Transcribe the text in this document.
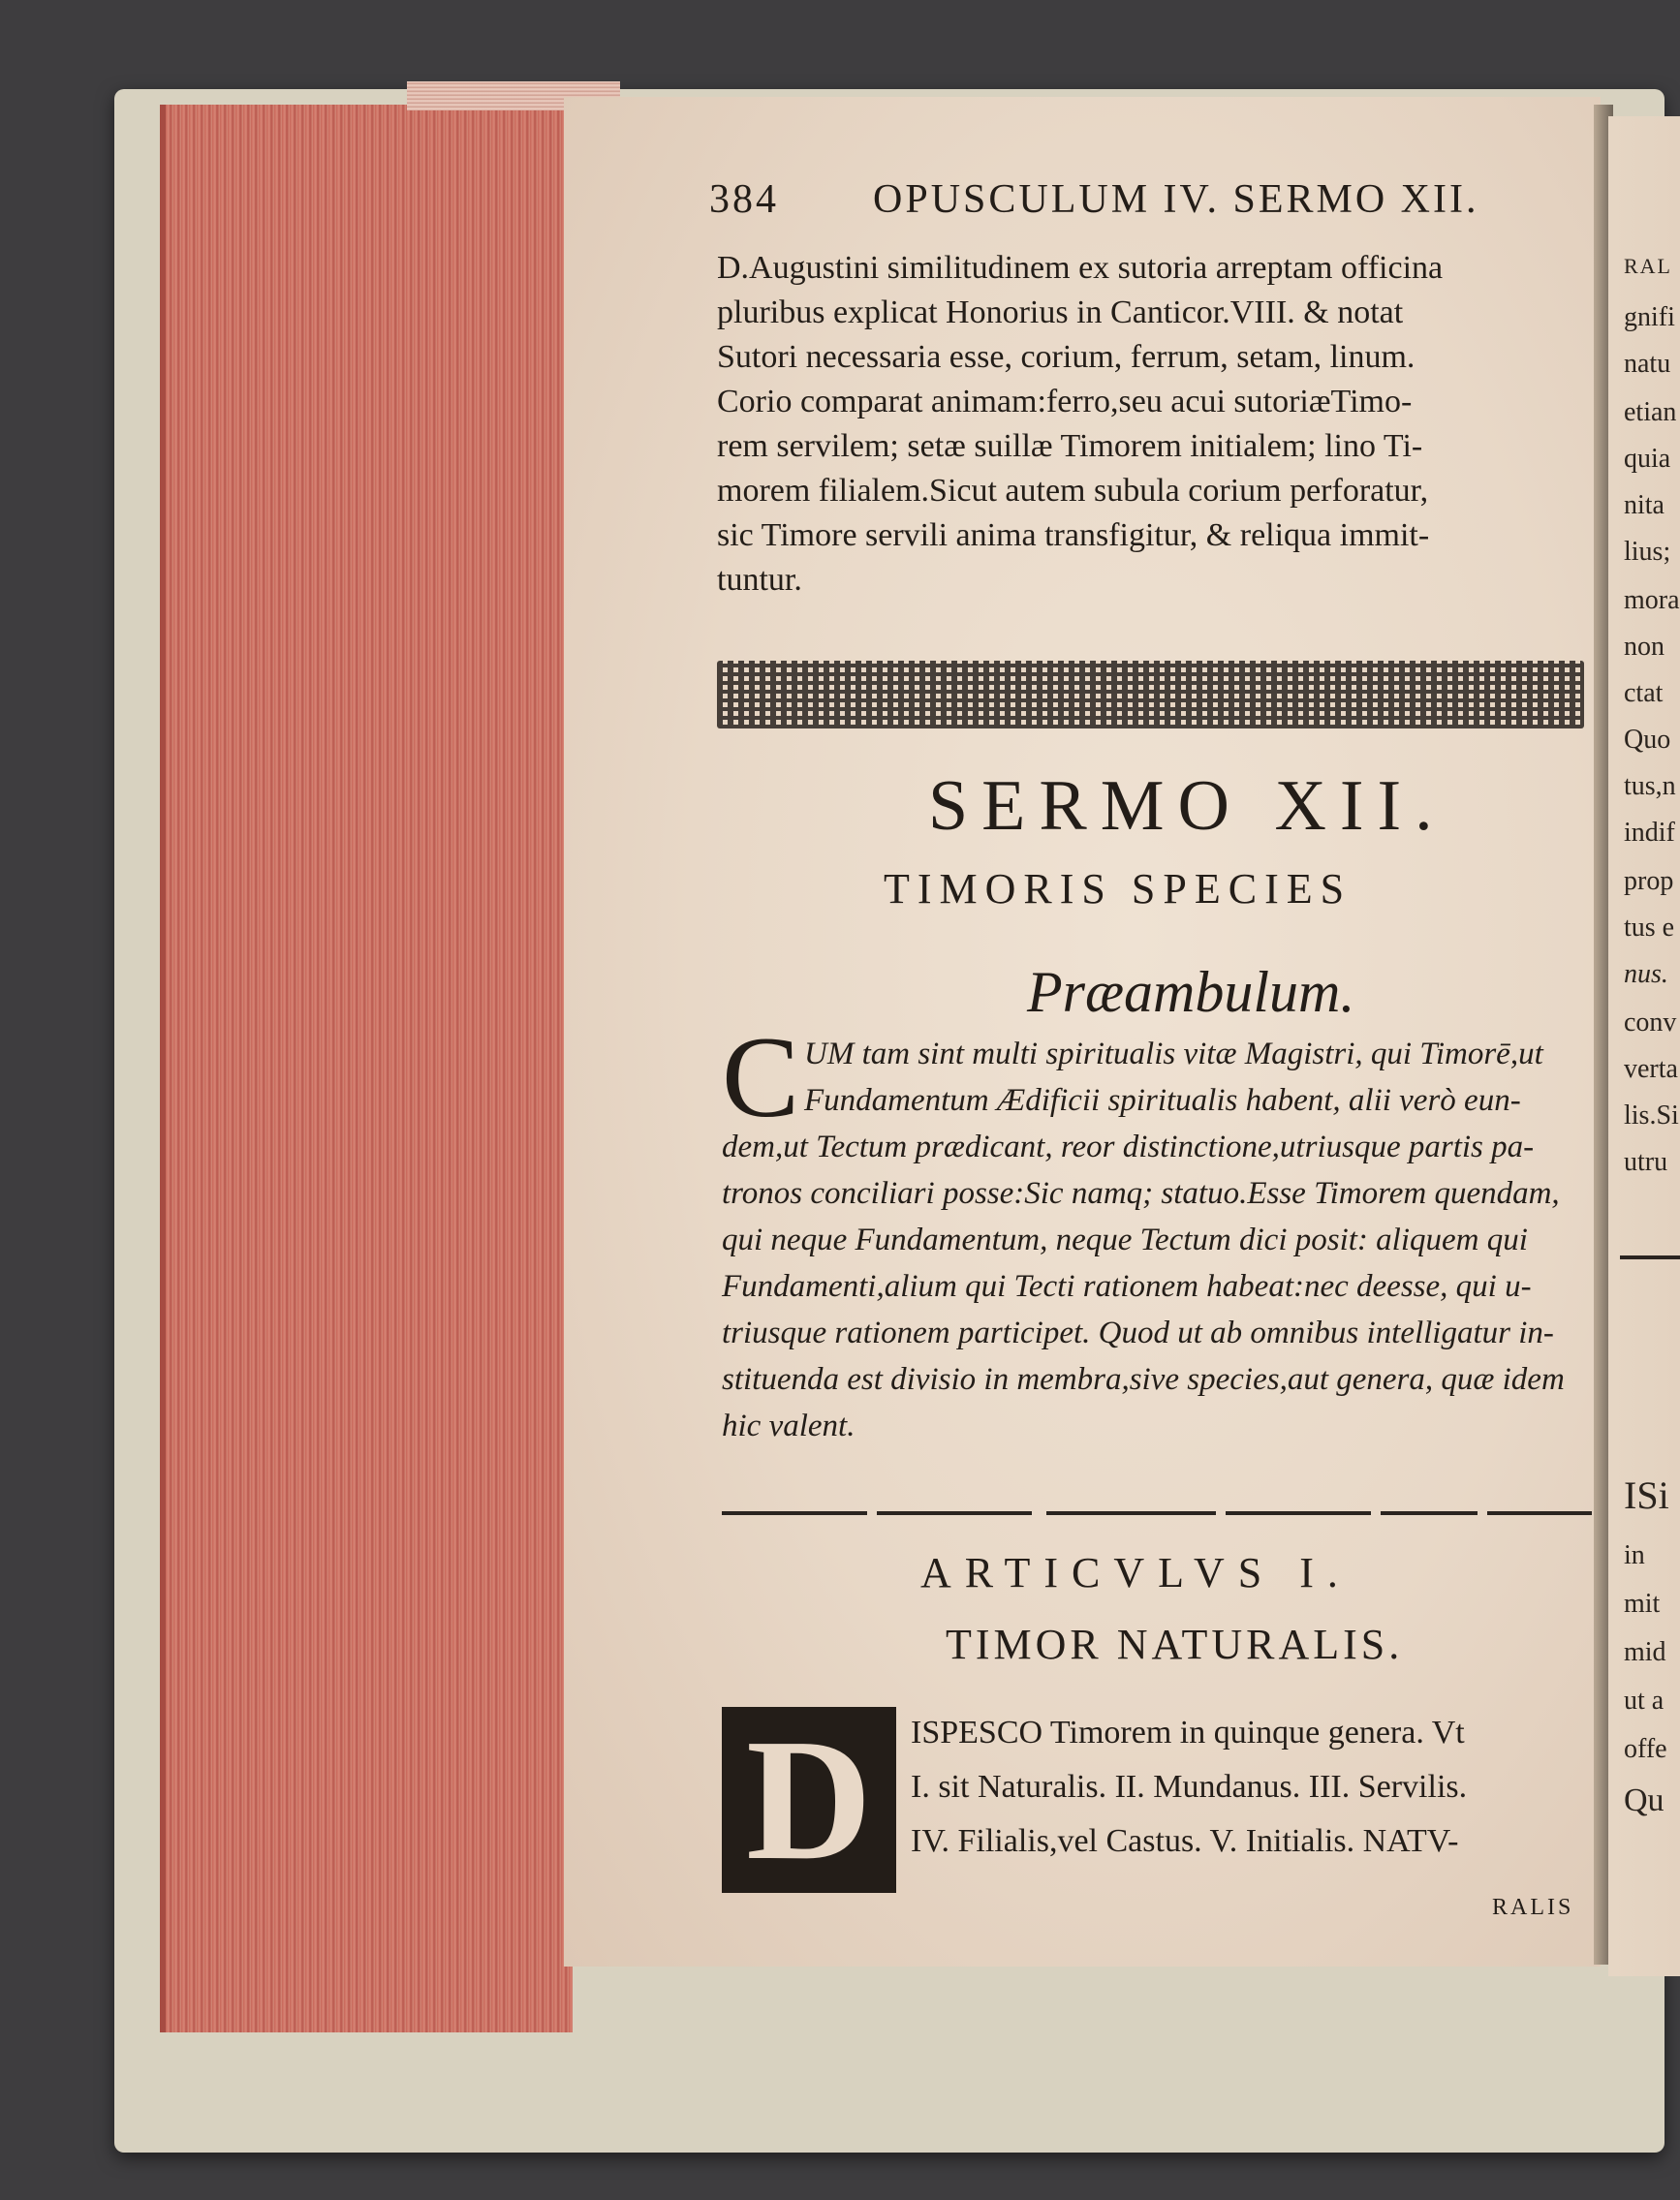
384 OPUSCULUM IV. SERMO XII.
D.Augustini similitudinem ex sutoria arreptam officina
pluribus explicat Honorius in Canticor.VIII. & notat
Sutori necessaria esse, corium, ferrum, setam, linum.
Corio comparat animam:ferro,seu acui sutoriæTimo-
rem servilem; setæ suillæ Timorem initialem; lino Ti-
morem filialem.Sicut autem subula corium perforatur,
sic Timore servili anima transfigitur, & reliqua immit-
tuntur.
SERMO XII.
TIMORIS SPECIES
Præambulum.
C UM tam sint multi spiritualis vitæ Magistri, qui Timorē,ut
Fundamentum Ædificii spiritualis habent, alii verò eun-
dem,ut Tectum prædicant, reor distinctione,utriusque partis pa-
tronos conciliari posse:Sic namq; statuo.Esse Timorem quendam,
qui neque Fundamentum, neque Tectum dici posit: aliquem qui
Fundamenti,alium qui Tecti rationem habeat:nec deesse, qui u-
triusque rationem participet. Quod ut ab omnibus intelligatur in-
stituenda est divisio in membra,sive species,aut genera, quæ idem
hic valent.
ARTICVLVS I.
TIMOR NATURALIS.
D	ISPESCO Timorem in quinque genera. Vt
I. sit Naturalis. II. Mundanus. III. Servilis.
IV. Filialis,vel Castus. V. Initialis. NATV-
RALIS
RAL
gnifi
natu
etian
quia
nita
lius;
mora
non
ctat
Quo
tus,n
indif
prop
tus e
nus.
conv
verta
lis.Si
utru
ISi
in
mit
mid
ut a
offe
Qu
